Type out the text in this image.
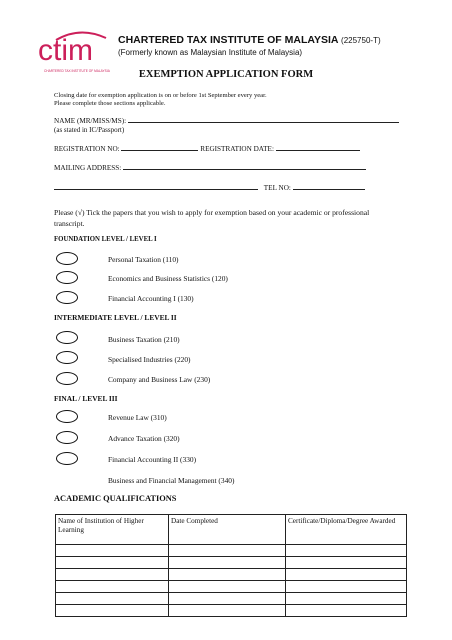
ctim
CHARTERED TAX INSTITUTE OF MALAYSIA
CHARTERED TAX INSTITUTE OF MALAYSIA (225750-T)
(Formerly known as Malaysian Institute of Malaysia)
EXEMPTION APPLICATION FORM
Closing date for exemption application is on or before 1st September every year.
Please complete those sections applicable.
NAME (MR/MISS/MS):
(as stated in IC/Passport)
REGISTRATION NO:	REGISTRATION DATE:
MAILING ADDRESS:
TEL NO:
Please (√) Tick the papers that you wish to apply for exemption based on your academic or professional transcript.
FOUNDATION LEVEL / LEVEL I
Personal Taxation (110)
Economics and Business Statistics (120)
Financial Accounting I (130)
INTERMEDIATE LEVEL / LEVEL II
Business Taxation (210)
Specialised Industries (220)
Company and Business Law (230)
FINAL / LEVEL III
Revenue Law (310)
Advance Taxation (320)
Financial Accounting II (330)
Business and Financial Management (340)
ACADEMIC QUALIFICATIONS
Name of Institution of Higher Learning	Date Completed	Certificate/Diploma/Degree Awarded
